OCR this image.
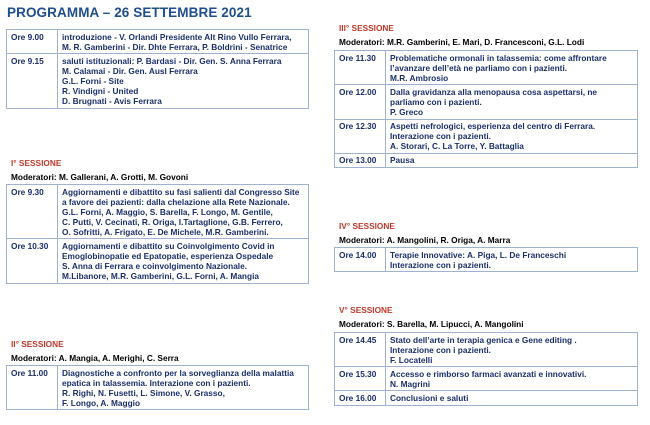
PROGRAMMA – 26 SETTEMBRE 2021
Ore 9.00	introduzione - V. Orlandi Presidente Alt Rino Vullo Ferrara,
M. R. Gamberini - Dir. Dhte Ferrara, P. Boldrini - Senatrice

Ore 9.15	saluti istituzionali: P. Bardasi - Dir. Gen. S. Anna Ferrara
M. Calamai - Dir. Gen. Ausl Ferrara
G.L. Forni - Site
R. Vindigni - United
D. Brugnati - Avis Ferrara
I° SESSIONE
Moderatori: M. Gallerani, A. Grotti, M. Govoni
Ore 9.30	Aggiornamenti e dibattito su fasi salienti dal Congresso Site
a favore dei pazienti: dalla chelazione alla Rete Nazionale.
G.L. Forni, A. Maggio, S. Barella, F. Longo, M. Gentile,
C. Putti, V. Cecinati, R. Origa, I.Tartaglione, G.B. Ferrero,
O. Sofritti, A. Frigato, E. De Michele, M.R. Gamberini.

Ore 10.30	Aggiornamenti e dibattito su Coinvolgimento Covid in
Emoglobinopatie ed Epatopatie, esperienza Ospedale
S. Anna di Ferrara e coinvolgimento Nazionale.
M.Libanore, M.R. Gamberini, G.L. Forni, A. Mangia
II° SESSIONE
Moderatori: A. Mangia, A. Merighi, C. Serra
Ore 11.00	Diagnostiche a confronto per la sorveglianza della malattia
epatica in talassemia. Interazione con i pazienti.
R. Righi, N. Fusetti, L. Simone, V. Grasso,
F. Longo, A. Maggio
III° SESSIONE
Moderatori: M.R. Gamberini, E. Mari, D. Francesconi, G.L. Lodi
Ore 11.30	Problematiche ormonali in talassemia: come affrontare
l’avanzare dell’età ne parliamo con i pazienti.
M.R. Ambrosio

Ore 12.00	Dalla gravidanza alla menopausa cosa aspettarsi, ne
parliamo con i pazienti.
P. Greco

Ore 12.30	Aspetti nefrologici, esperienza del centro di Ferrara.
Interazione con i pazienti.
A. Storari, C. La Torre, Y. Battaglia

Ore 13.00	Pausa
IV° SESSIONE
Moderatori: A. Mangolini, R. Origa, A. Marra
Ore 14.00	Terapie Innovative: A. Piga, L. De Franceschi
Interazione con i pazienti.
V° SESSIONE
Moderatori: S. Barella, M. Lipucci, A. Mangolini
Ore 14.45	Stato dell’arte in terapia genica e Gene editing .
Interazione con i pazienti.
F. Locatelli

Ore 15.30	Accesso e rimborso farmaci avanzati e innovativi.
N. Magrini

Ore 16.00	Conclusioni e saluti
